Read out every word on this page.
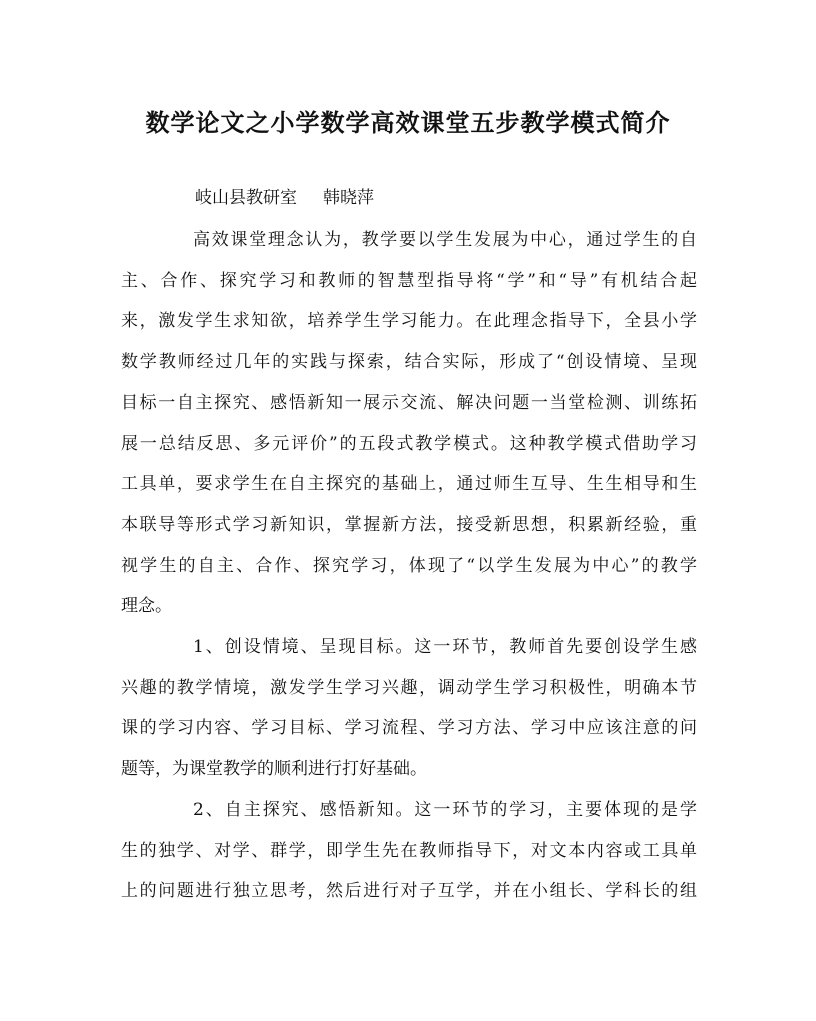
数学论文之小学数学高效课堂五步教学模式简介
岐山县教研室 韩晓萍

高效课堂理念认为，教学要以学生发展为中心，通过学生的自
主、合作、探究学习和教师的智慧型指导将“学”和“导”有机结合起
来，激发学生求知欲，培养学生学习能力。在此理念指导下，全县小学
数学教师经过几年的实践与探索，结合实际，形成了“创设情境、呈现
目标一自主探究、感悟新知一展示交流、解决问题一当堂检测、训练拓
展一总结反思、多元评价”的五段式教学模式。这种教学模式借助学习
工具单，要求学生在自主探究的基础上，通过师生互导、生生相导和生
本联导等形式学习新知识，掌握新方法，接受新思想，积累新经验，重
视学生的自主、合作、探究学习，体现了“以学生发展为中心”的教学
理念。

1、创设情境、呈现目标。这一环节，教师首先要创设学生感
兴趣的教学情境，激发学生学习兴趣，调动学生学习积极性，明确本节
课的学习内容、学习目标、学习流程、学习方法、学习中应该注意的问
题等，为课堂教学的顺利进行打好基础。

2、自主探究、感悟新知。这一环节的学习，主要体现的是学
生的独学、对学、群学，即学生先在教师指导下，对文本内容或工具单
上的问题进行独立思考，然后进行对子互学，并在小组长、学科长的组
